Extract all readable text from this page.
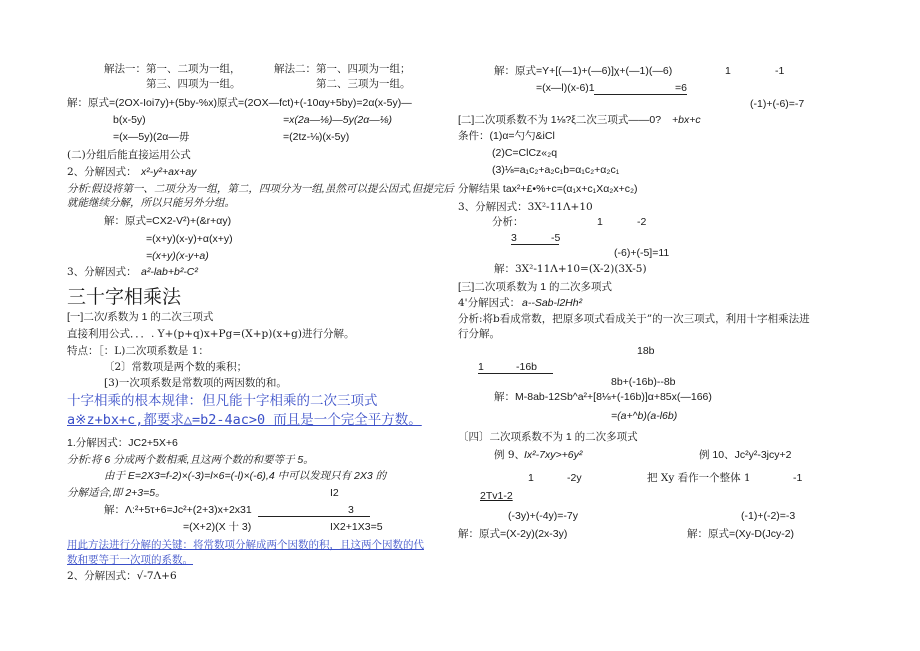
解法一：第一、二项为一组，	解法二：第一、四项为一组；
第三、四项为一组。	第二、三项为一组。
解：原式=(2OX-Ioi7y)+(5by-%x)原式=(2OX—fct)+(-10αy+5by)=2α(x-5y)—
b(x-5y)	=x(2a—⅛)—5y(2α—⅛)
=(x—5y)(2α—毋	=(2tz-⅛)(x-5y)
(二)分组后能直接运用公式
2、分解因式： x²-y²+ax+ay
分析:假设将第一、二项分为一组，第二，四项分为一组,虽然可以提公因式,但提完后
就能继续分解，所以只能另外分组。
解：原式=CX2-V²)+(&r+αy)
=(x+y)(x-y)+α(x+y)
=(x+y)(x-y+a)
3、分解因式： a²-lab+b²-C²
三十字相乘法
[一]二次/系数为 1 的二次三项式
直接利用公式．．．. Y+(p+q)x+Pg=(X+p)(x+g)进行分解。
特点：［：L)二次项系数是 1：
〔2〕常数项是两个数的乘积；
[3)一次项系数是常数项的两因数的和。
十字相乘的根本规律：但凡能十字相乘的二次三项式
a※z+bx+c,都要求△=b2-4ac>0 而且是一个完全平方数。
1.分解因式：JC2+5X+6
分析:将 6 分成两个数相乘,且这两个数的和要等于 5。
由于 E=2X3=f-2)×(-3)=l×6=(-l)×(-6),4 中可以发现只有 2X3 的
分解适合,即 2+3=5。	I2
解：Λ:²+5τ+6=Jc²+(2+3)x+2x31	3
=(X+2)(X 十 3)	IX2+1X3=5
用此方法进行分解的关键：将常数项分解成两个因数的积，且这两个因数的代
数和要等于一次项的系数。
2、分解因式：√-7Λ+6
解：原式=Y+[(—1)+(—6)]χ+(—1)(—6)	1	-1
=(x—l)(x-6)1	=6
(-1)+(-6)=-7
[二]二次项系数不为 1⅛?ξ二次三项式——0? +bx+c
条件：(1)α=勺勺&iCl
(2)C=ClCz«₂q
(3)⅛=a₁c₂+a₂c₁b=α₁c₂+α₂c₁
分解结果 tax²+£•%+c=(α₁x+c₁Xα₂x+c₂)
3、分解因式：3X²-11Λ+10
分析：	1	-2
3	-5
(-6)+(-5]=11
解：3X²-11Λ+10=(X-2)(3X-5)
[三]二次项系数为 1 的二次多项式
4'分解因式： a--Sab-l2Hh²
分析:将b看成常数，把原多项式看成关于”的一次三项式，利用十字相乘法进
行分解。
18b
1	-16b
8b+(-16b)--8b
解：M-8ab-12Sb^a²+[8⅛+(-16b)]α+85x(—166)
=(a+^b)(a-l6b)
〔四〕二次项系数不为 1 的二次多项式
例 9、
Ix²-7xy>+6y²	例 10、Jc²y²-3jcy+2
1	-2y	把 Xy 看作一个整体 1	-1
2Tv1-2
(-3y)+(-4y)=-7y	(-1)+(-2)=-3
解：原式=(X-2y)(2x-3y)	解：原式=(Xy-D(Jcy-2)
